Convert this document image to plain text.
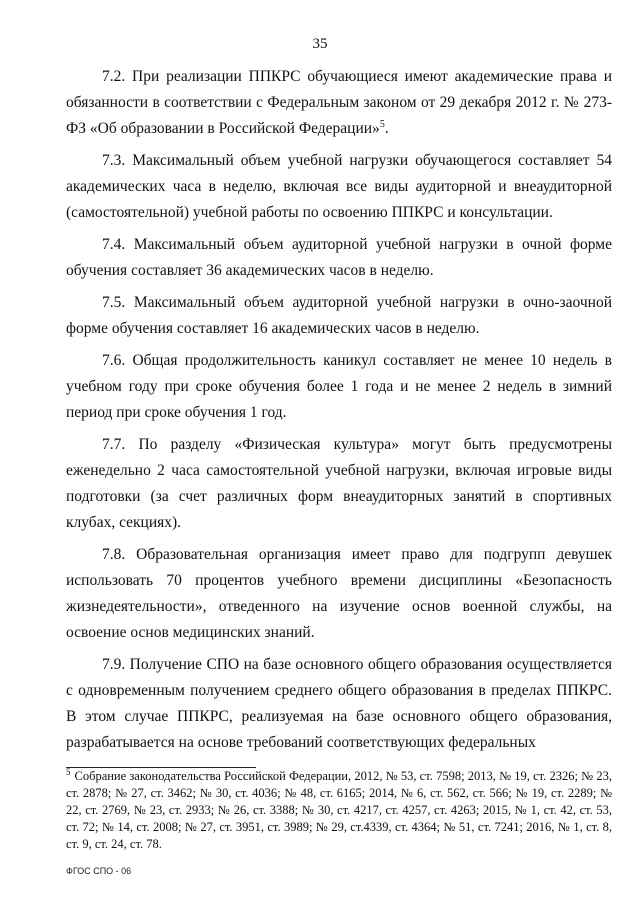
35

7.2. При реализации ППКРС обучающиеся имеют академические права и обязанности в соответствии с Федеральным законом от 29 декабря 2012 г. № 273-ФЗ «Об образовании в Российской Федерации»$^5$.

7.3. Максимальный объем учебной нагрузки обучающегося составляет 54 академических часа в неделю, включая все виды аудиторной и внеаудиторной (самостоятельной) учебной работы по освоению ППКРС и консультации.

7.4. Максимальный объем аудиторной учебной нагрузки в очной форме обучения составляет 36 академических часов в неделю.

7.5. Максимальный объем аудиторной учебной нагрузки в очно-заочной форме обучения составляет 16 академических часов в неделю.

7.6. Общая продолжительность каникул составляет не менее 10 недель в учебном году при сроке обучения более 1 года и не менее 2 недель в зимний период при сроке обучения 1 год.

7.7. По разделу «Физическая культура» могут быть предусмотрены еженедельно 2 часа самостоятельной учебной нагрузки, включая игровые виды подготовки (за счет различных форм внеаудиторных занятий в спортивных клубах, секциях).

7.8. Образовательная организация имеет право для подгрупп девушек использовать 70 процентов учебного времени дисциплины «Безопасность жизнедеятельности», отведенного на изучение основ военной службы, на освоение основ медицинских знаний.

7.9. Получение СПО на базе основного общего образования осуществляется с одновременным получением среднего общего образования в пределах ППКРС. В этом случае ППКРС, реализуемая на базе основного общего образования, разрабатывается на основе требований соответствующих федеральных

$^5$ Собрание законодательства Российской Федерации, 2012, № 53, ст. 7598; 2013, № 19, ст. 2326; № 23, ст. 2878; № 27, ст. 3462; № 30, ст. 4036; № 48, ст. 6165; 2014, № 6, ст. 562, ст. 566; № 19, ст. 2289; № 22, ст. 2769, № 23, ст. 2933; № 26, ст. 3388; № 30, ст. 4217, ст. 4257, ст. 4263; 2015, № 1, ст. 42, ст. 53, ст. 72; № 14, ст. 2008; № 27, ст. 3951, ст. 3989; № 29, ст.4339, ст. 4364; № 51, ст. 7241; 2016, № 1, ст. 8, ст. 9, ст. 24, ст. 78.
ФГОС СПО - 06
